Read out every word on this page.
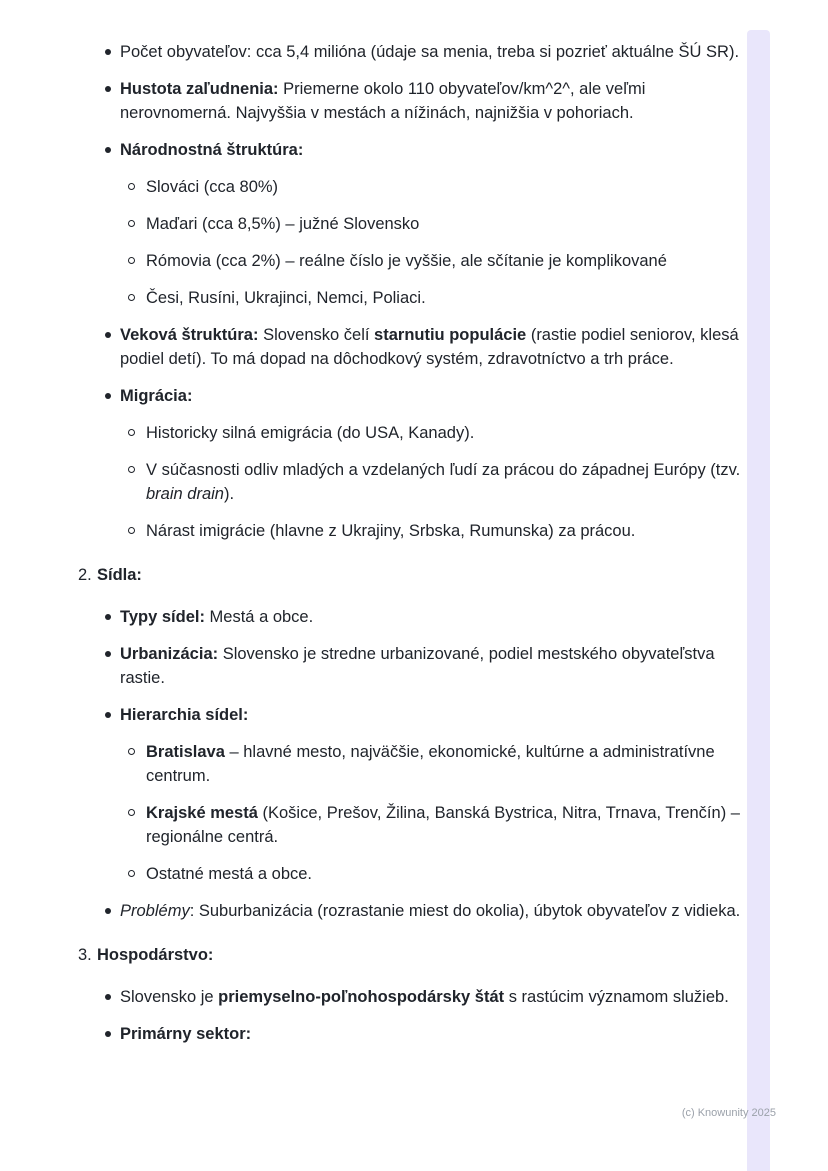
Počet obyvateľov: cca 5,4 milióna (údaje sa menia, treba si pozrieť aktuálne ŠÚ SR).
Hustota zaľudnenia: Priemerne okolo 110 obyvateľov/km^2^, ale veľmi nerovnomerná. Najvyššia v mestách a nížinách, najnižšia v pohoriach.
Národnostná štruktúra:
Slováci (cca 80%)
Maďari (cca 8,5%) – južné Slovensko
Rómovia (cca 2%) – reálne číslo je vyššie, ale sčítanie je komplikované
Česi, Rusíni, Ukrajinci, Nemci, Poliaci.
Veková štruktúra: Slovensko čelí starnutiu populácie (rastie podiel seniorov, klesá podiel detí). To má dopad na dôchodkový systém, zdravotníctvo a trh práce.
Migrácia:
Historicky silná emigrácia (do USA, Kanady).
V súčasnosti odliv mladých a vzdelaných ľudí za prácou do západnej Európy (tzv. brain drain).
Nárast imigrácie (hlavne z Ukrajiny, Srbska, Rumunska) za prácou.
2. Sídla:
Typy sídel: Mestá a obce.
Urbanizácia: Slovensko je stredne urbanizované, podiel mestského obyvateľstva rastie.
Hierarchia sídel:
Bratislava – hlavné mesto, najväčšie, ekonomické, kultúrne a administratívne centrum.
Krajské mestá (Košice, Prešov, Žilina, Banská Bystrica, Nitra, Trnava, Trenčín) – regionálne centrá.
Ostatné mestá a obce.
Problémy: Suburbanizácia (rozrastanie miest do okolia), úbytok obyvateľov z vidieka.
3. Hospodárstvo:
Slovensko je priemyselno-poľnohospodársky štát s rastúcim významom služieb.
Primárny sektor:
(c) Knowunity 2025
